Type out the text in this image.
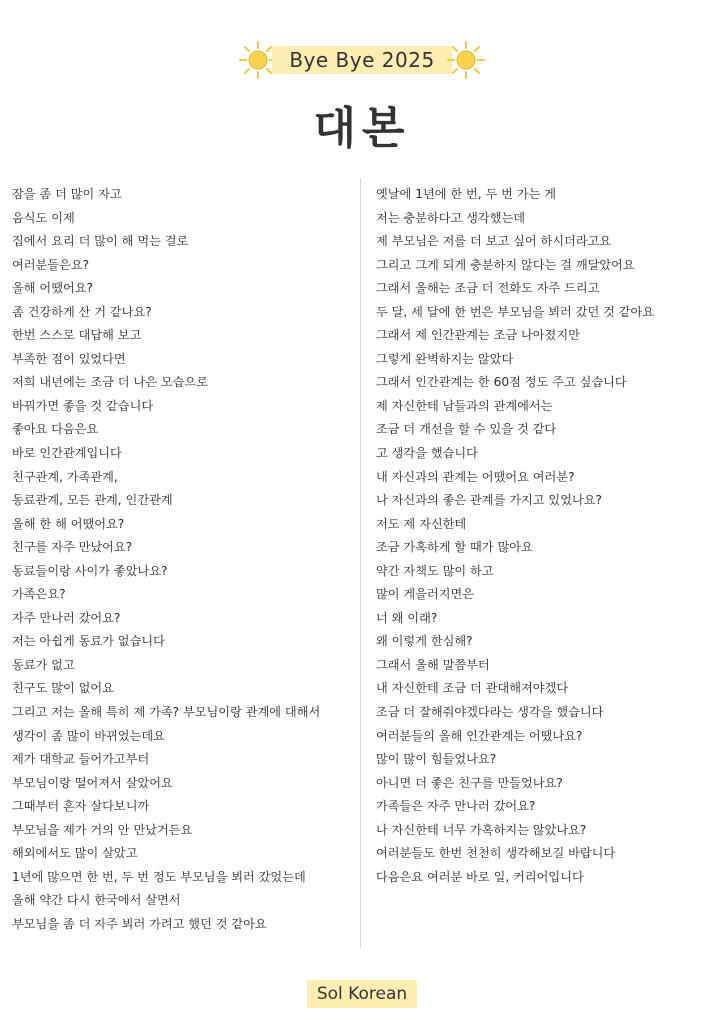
Bye Bye 2025
대본
잠을 좀 더 많이 자고
음식도 이제
집에서 요리 더 많이 해 먹는 걸로
여러분들은요?
올해 어땠어요?
좀 건강하게 산 거 같나요?
한번 스스로 대답해 보고
부족한 점이 있었다면
저희 내년에는 조금 더 나은 모습으로
바꿔가면 좋을 것 같습니다
좋아요 다음은요
바로 인간관계입니다
친구관계, 가족관계,
동료관계, 모든 관계, 인간관계
올해 한 해 어땠어요?
친구를 자주 만났어요?
동료들이랑 사이가 좋았나요?
가족은요?
자주 만나러 갔어요?
저는 아쉽게 동료가 없습니다
동료가 없고
친구도 많이 없어요
그리고 저는 올해 특히 제 가족? 부모님이랑 관계에 대해서
생각이 좀 많이 바뀌었는데요
제가 대학교 들어가고부터
부모님이랑 떨어져서 살았어요
그때부터 혼자 살다보니까
부모님을 제가 거의 안 만났거든요
해외에서도 많이 살았고
1년에 많으면 한 번, 두 번 정도 부모님을 뵈러 갔었는데
올해 약간 다시 한국에서 살면서
부모님을 좀 더 자주 뵈러 가려고 했던 것 같아요
옛날에 1년에 한 번, 두 번 가는 게
저는 충분하다고 생각했는데
제 부모님은 저를 더 보고 싶어 하시더라고요
그리고 그게 되게 충분하지 않다는 걸 깨달았어요
그래서 올해는 조금 더 전화도 자주 드리고
두 달, 세 달에 한 번은 부모님을 뵈러 갔던 것 같아요
그래서 제 인간관계는 조금 나아졌지만
그렇게 완벽하지는 않았다
그래서 인간관계는 한 60점 정도 주고 싶습니다
제 자신한테 남들과의 관계에서는
조금 더 개선을 할 수 있을 것 같다
고 생각을 했습니다
내 자신과의 관계는 어땠어요 여러분?
나 자신과의 좋은 관계를 가지고 있었나요?
저도 제 자신한테
조금 가혹하게 할 때가 많아요
약간 자책도 많이 하고
많이 게을러지면은
너 왜 이래?
왜 이렇게 한심해?
그래서 올해 말쯤부터
내 자신한테 조금 더 관대해져야겠다
조금 더 잘해줘야겠다라는 생각을 했습니다
여러분들의 올해 인간관계는 어땠나요?
많이 많이 힘들었나요?
아니면 더 좋은 친구를 만들었나요?
가족들은 자주 만나러 갔어요?
나 자신한테 너무 가혹하지는 않았나요?
여러분들도 한번 천천히 생각해보길 바랍니다
다음은요 여러분 바로 일, 커리어입니다
Sol Korean
